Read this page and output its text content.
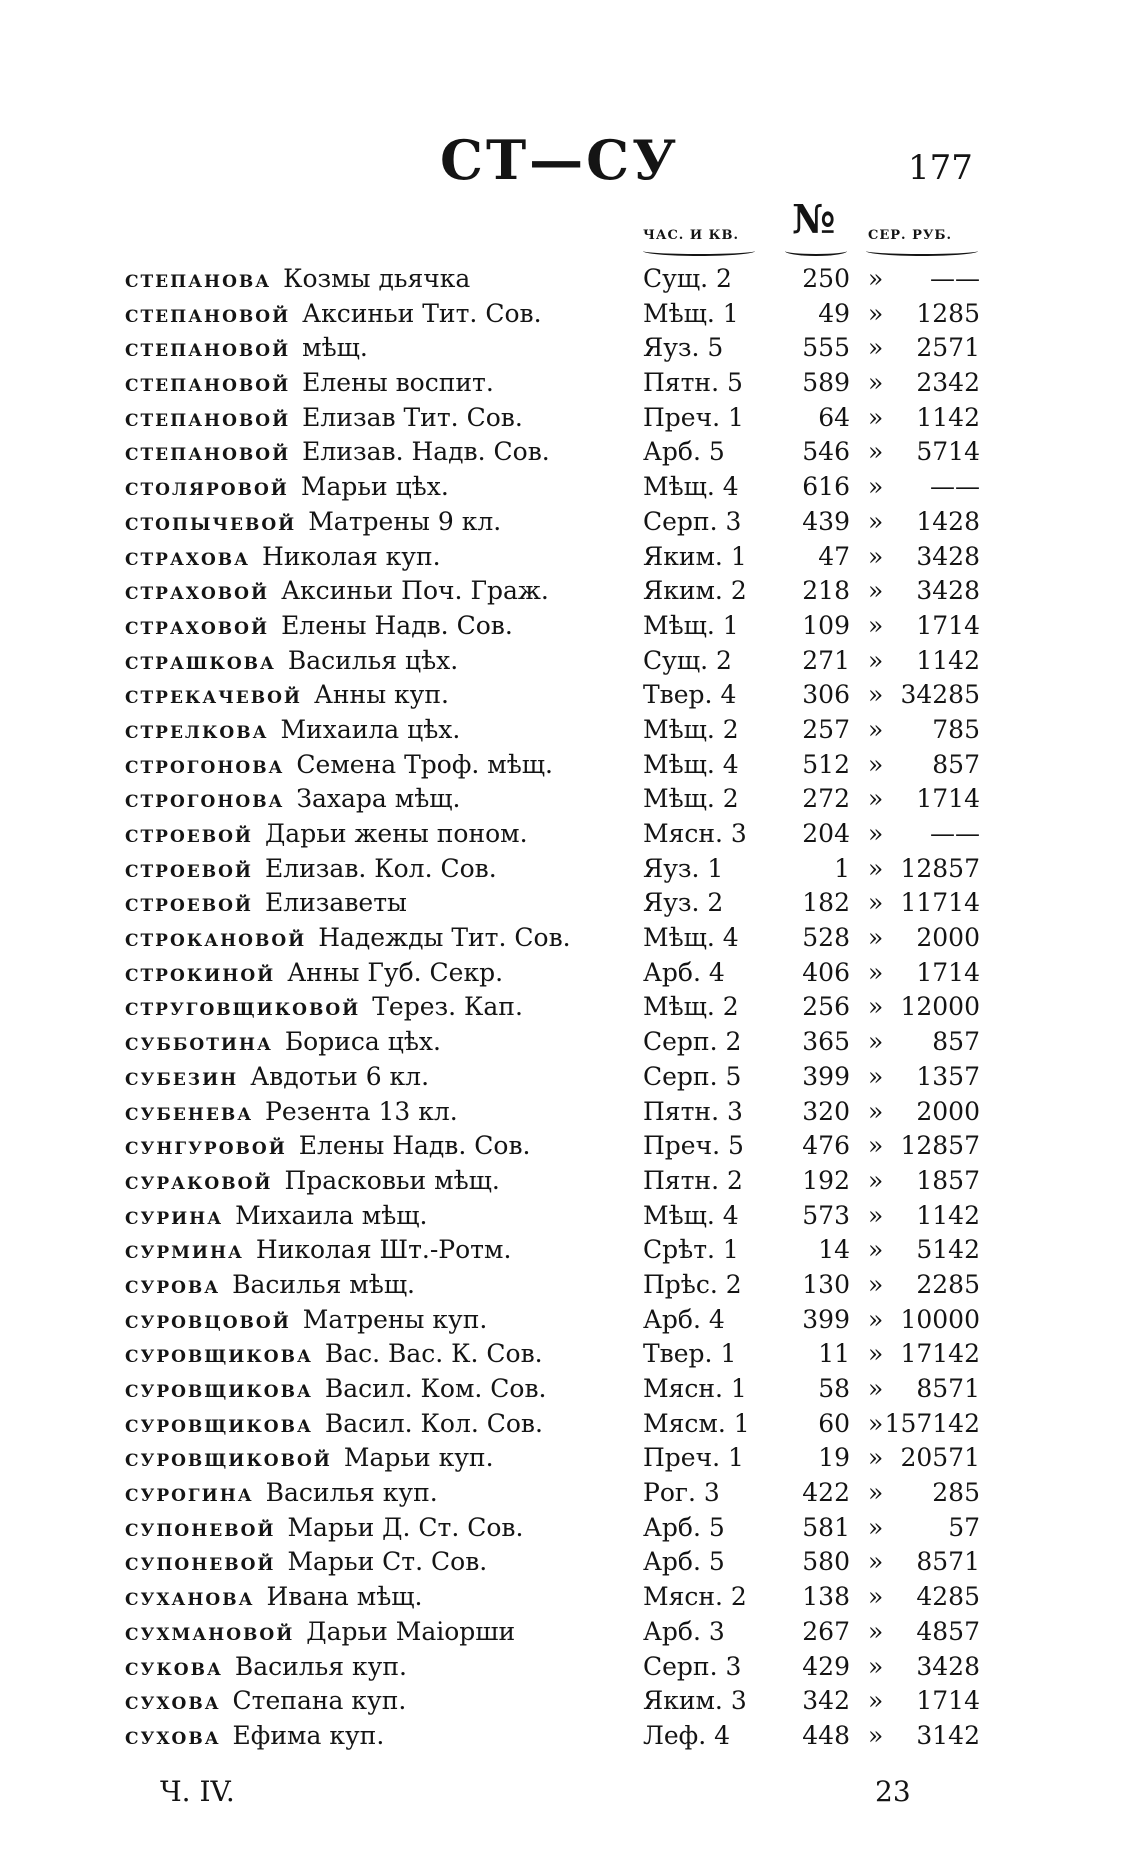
СТ—СУ	177
ЧАС. И КВ. №	СЕР. РУБ.
степанова Козмы дьячка	Сущ. 2	250 »	——
степановой Аксиньи Тит. Сов.	Мѣщ. 1	49 »	1285
степановой мѣщ.	Яуз. 5	555 »	2571
степановой Елены воспит.	Пятн. 5	589 »	2342
степановой Елизав Тит. Сов.	Преч. 1	64 »	1142
степановой Елизав. Надв. Сов.	Арб. 5	546 »	5714
столяровой Марьи цѣх.	Мѣщ. 4	616 »	——
стопычевой Матрены 9 кл.	Серп. 3	439 »	1428
страхова Николая куп.	Яким. 1	47 »	3428
страховой Аксиньи Поч. Граж.	Яким. 2	218 »	3428
страховой Елены Надв. Сов.	Мѣщ. 1	109 »	1714
страшкова Василья цѣх.	Сущ. 2	271 »	1142
стрекачевой Анны куп.	Твер. 4	306 » 34285
стрелкова Михаила цѣх.	Мѣщ. 2	257 »	785
строгонова Семена Троф. мѣщ.	Мѣщ. 4	512 »	857
строгонова Захара мѣщ.	Мѣщ. 2	272 »	1714
строевой Дарьи жены поном.	Мясн. 3	204 »	——
строевой Елизав. Кол. Сов.	Яуз. 1	1 » 12857
строевой Елизаветы	Яуз. 2	182 » 11714
строкановой Надежды Тит. Сов.	Мѣщ. 4	528 »	2000
строкиной Анны Губ. Секр.	Арб. 4	406 »	1714
струговщиковой Терез. Кап.	Мѣщ. 2	256 » 12000
субботина Бориса цѣх.	Серп. 2	365 »	857
субезин Авдотьи 6 кл.	Серп. 5	399 »	1357
субенева Резента 13 кл.	Пятн. 3	320 »	2000
сунгуровой Елены Надв. Сов.	Преч. 5	476 » 12857
сураковой Прасковьи мѣщ.	Пятн. 2	192 »	1857
сурина Михаила мѣщ.	Мѣщ. 4	573 »	1142
сурмина Николая Шт.-Ротм.	Срѣт. 1	14 »	5142
сурова Василья мѣщ.	Прѣс. 2	130 »	2285
суровцовой Матрены куп.	Арб. 4	399 » 10000
суровщикова Вас. Вас. К. Сов.	Твер. 1	11 » 17142
суровщикова Васил. Ком. Сов.	Мясн. 1	58 »	8571
суровщикова Васил. Кол. Сов.	Мясм. 1	60 » 157142
суровщиковой Марьи куп.	Преч. 1	19 » 20571
сурогина Василья куп.	Рог. 3	422 »	285
супоневой Марьи Д. Ст. Сов.	Арб. 5	581 »	57
супоневой Марьи Ст. Сов.	Арб. 5	580 »	8571
суханова Ивана мѣщ.	Мясн. 2	138 »	4285
сухмановой Дарьи Маіорши	Арб. 3	267 »	4857
сукова Василья куп.	Серп. 3	429 »	3428
сухова Степана куп.	Яким. 3	342 »	1714
сухова Ефима куп.	Леф. 4	448 »	3142
Ч. IV.	23
